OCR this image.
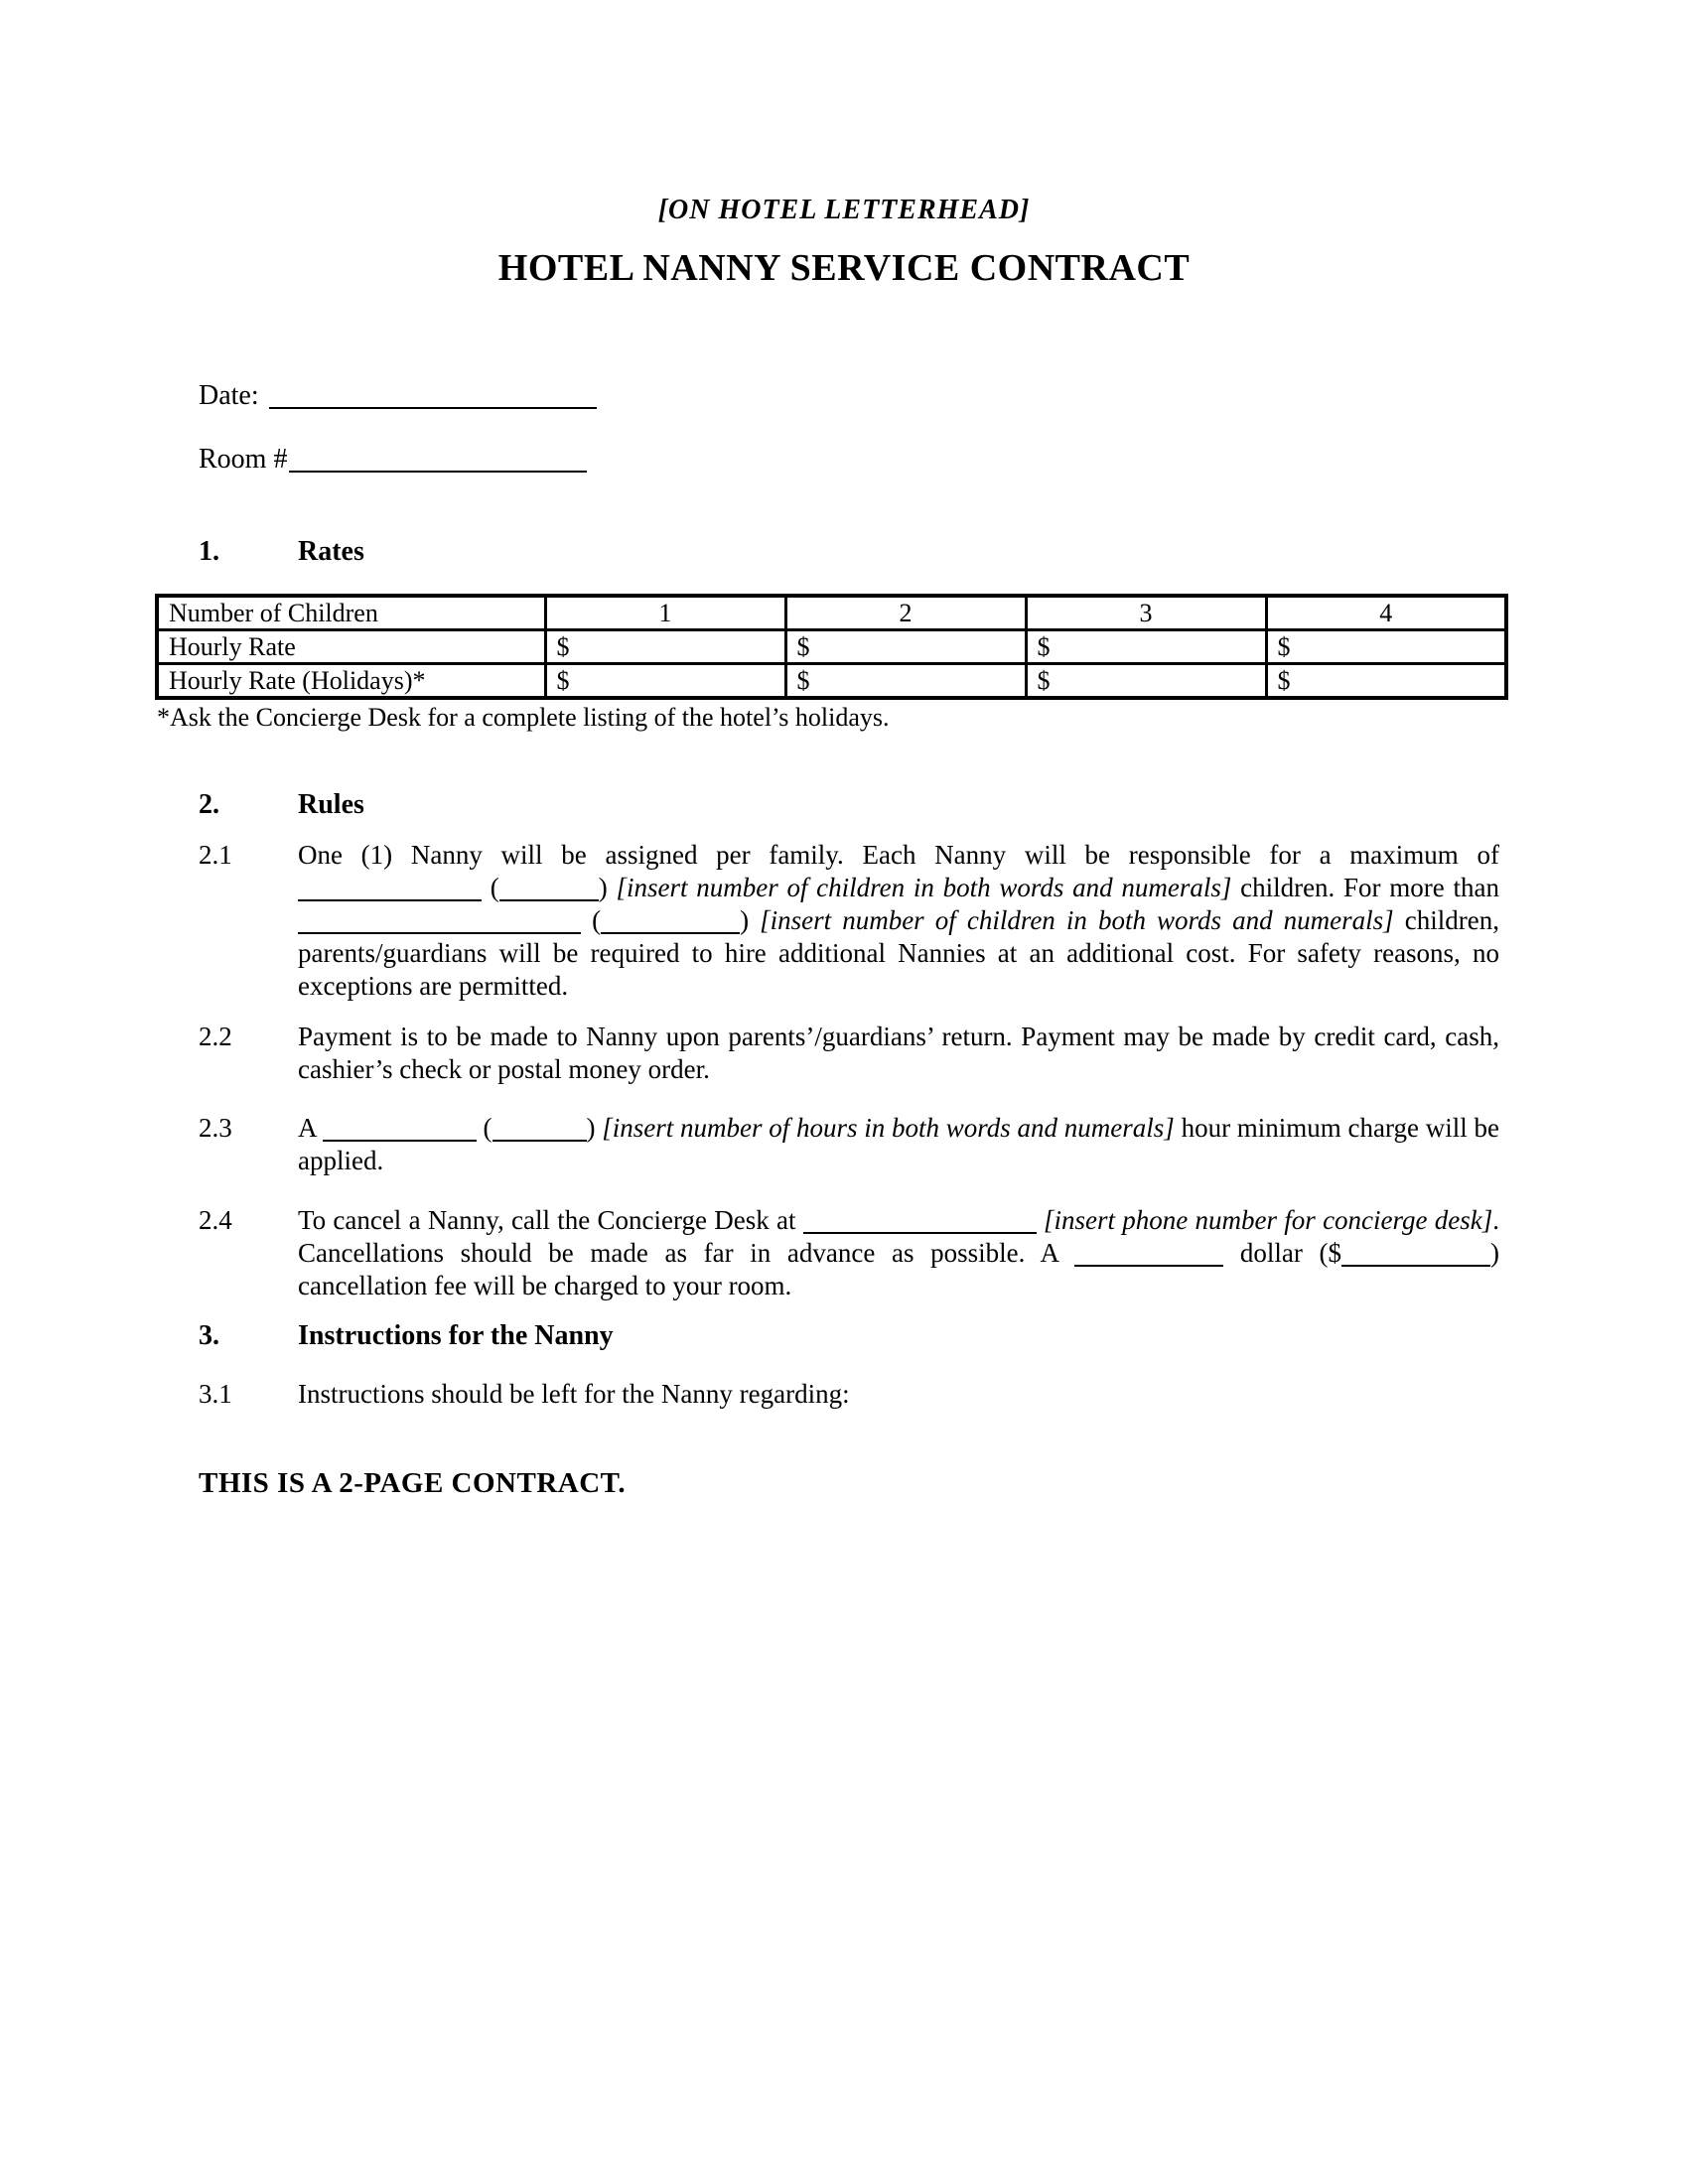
[ON HOTEL LETTERHEAD]
HOTEL NANNY SERVICE CONTRACT
Date:
Room #
1.	Rates
Number of Children	1	2	3	4
Hourly Rate	$	$	$	$
Hourly Rate (Holidays)*	$	$	$	$
*Ask the Concierge Desk for a complete listing of the hotel’s holidays.
2.	Rules
2.1	One (1) Nanny will be assigned per family. Each Nanny will be responsible for a maximum of  (	) [insert number of children in both words and numerals] children. For more than  (	) [insert number of children in both words and numerals] children, parents/guardians will be required to hire additional Nannies at an additional cost. For safety reasons, no exceptions are permitted.
2.2	Payment is to be made to Nanny upon parents’/guardians’ return. Payment may be made by credit card, cash, cashier’s check or postal money order.
2.3	A	(	) [insert number of hours in both words and numerals] hour minimum charge will be applied.
2.4	To cancel a Nanny, call the Concierge Desk at	[insert phone number for concierge desk]. Cancellations should be made as far in advance as possible. A	dollar ($	) cancellation fee will be charged to your room.
3.	Instructions for the Nanny
3.1	Instructions should be left for the Nanny regarding:
THIS IS A 2-PAGE CONTRACT.
